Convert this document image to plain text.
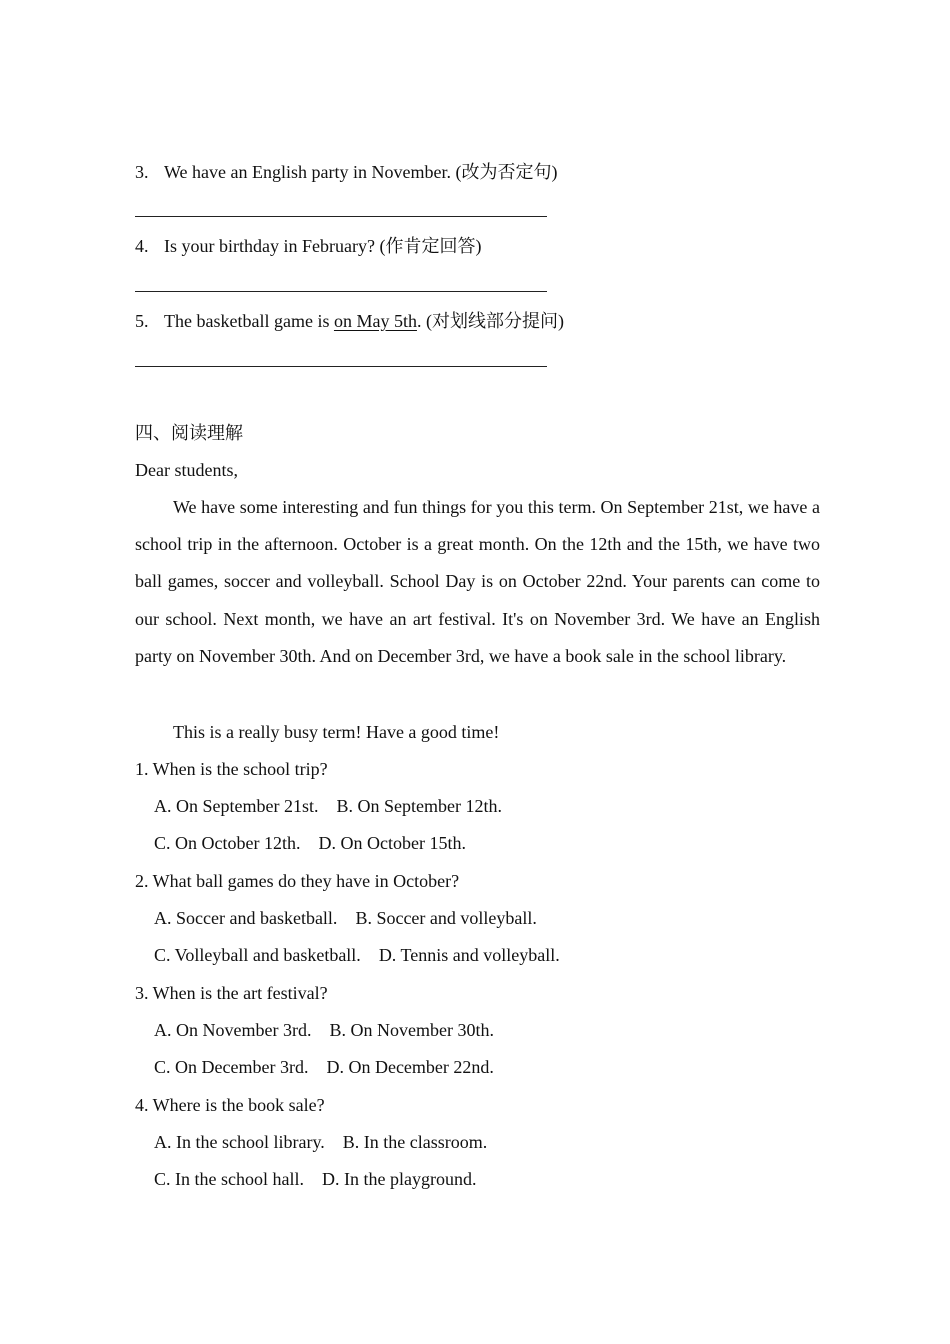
3. We have an English party in November. (改为否定句)
4. Is your birthday in February? (作肯定回答)
5. The basketball game is on May 5th. (对划线部分提问)
四、阅读理解
Dear students,
We have some interesting and fun things for you this term. On September 21st, we have a school trip in the afternoon. October is a great month. On the 12th and the 15th, we have two ball games, soccer and volleyball. School Day is on October 22nd. Your parents can come to our school. Next month, we have an art festival. It's on November 3rd. We have an English party on November 30th. And on December 3rd, we have a book sale in the school library.
This is a really busy term! Have a good time!
1. When is the school trip?
A. On September 21st. B. On September 12th.
C. On October 12th. D. On October 15th.
2. What ball games do they have in October?
A. Soccer and basketball. B. Soccer and volleyball.
C. Volleyball and basketball. D. Tennis and volleyball.
3. When is the art festival?
A. On November 3rd. B. On November 30th.
C. On December 3rd. D. On December 22nd.
4. Where is the book sale?
A. In the school library. B. In the classroom.
C. In the school hall. D. In the playground.
